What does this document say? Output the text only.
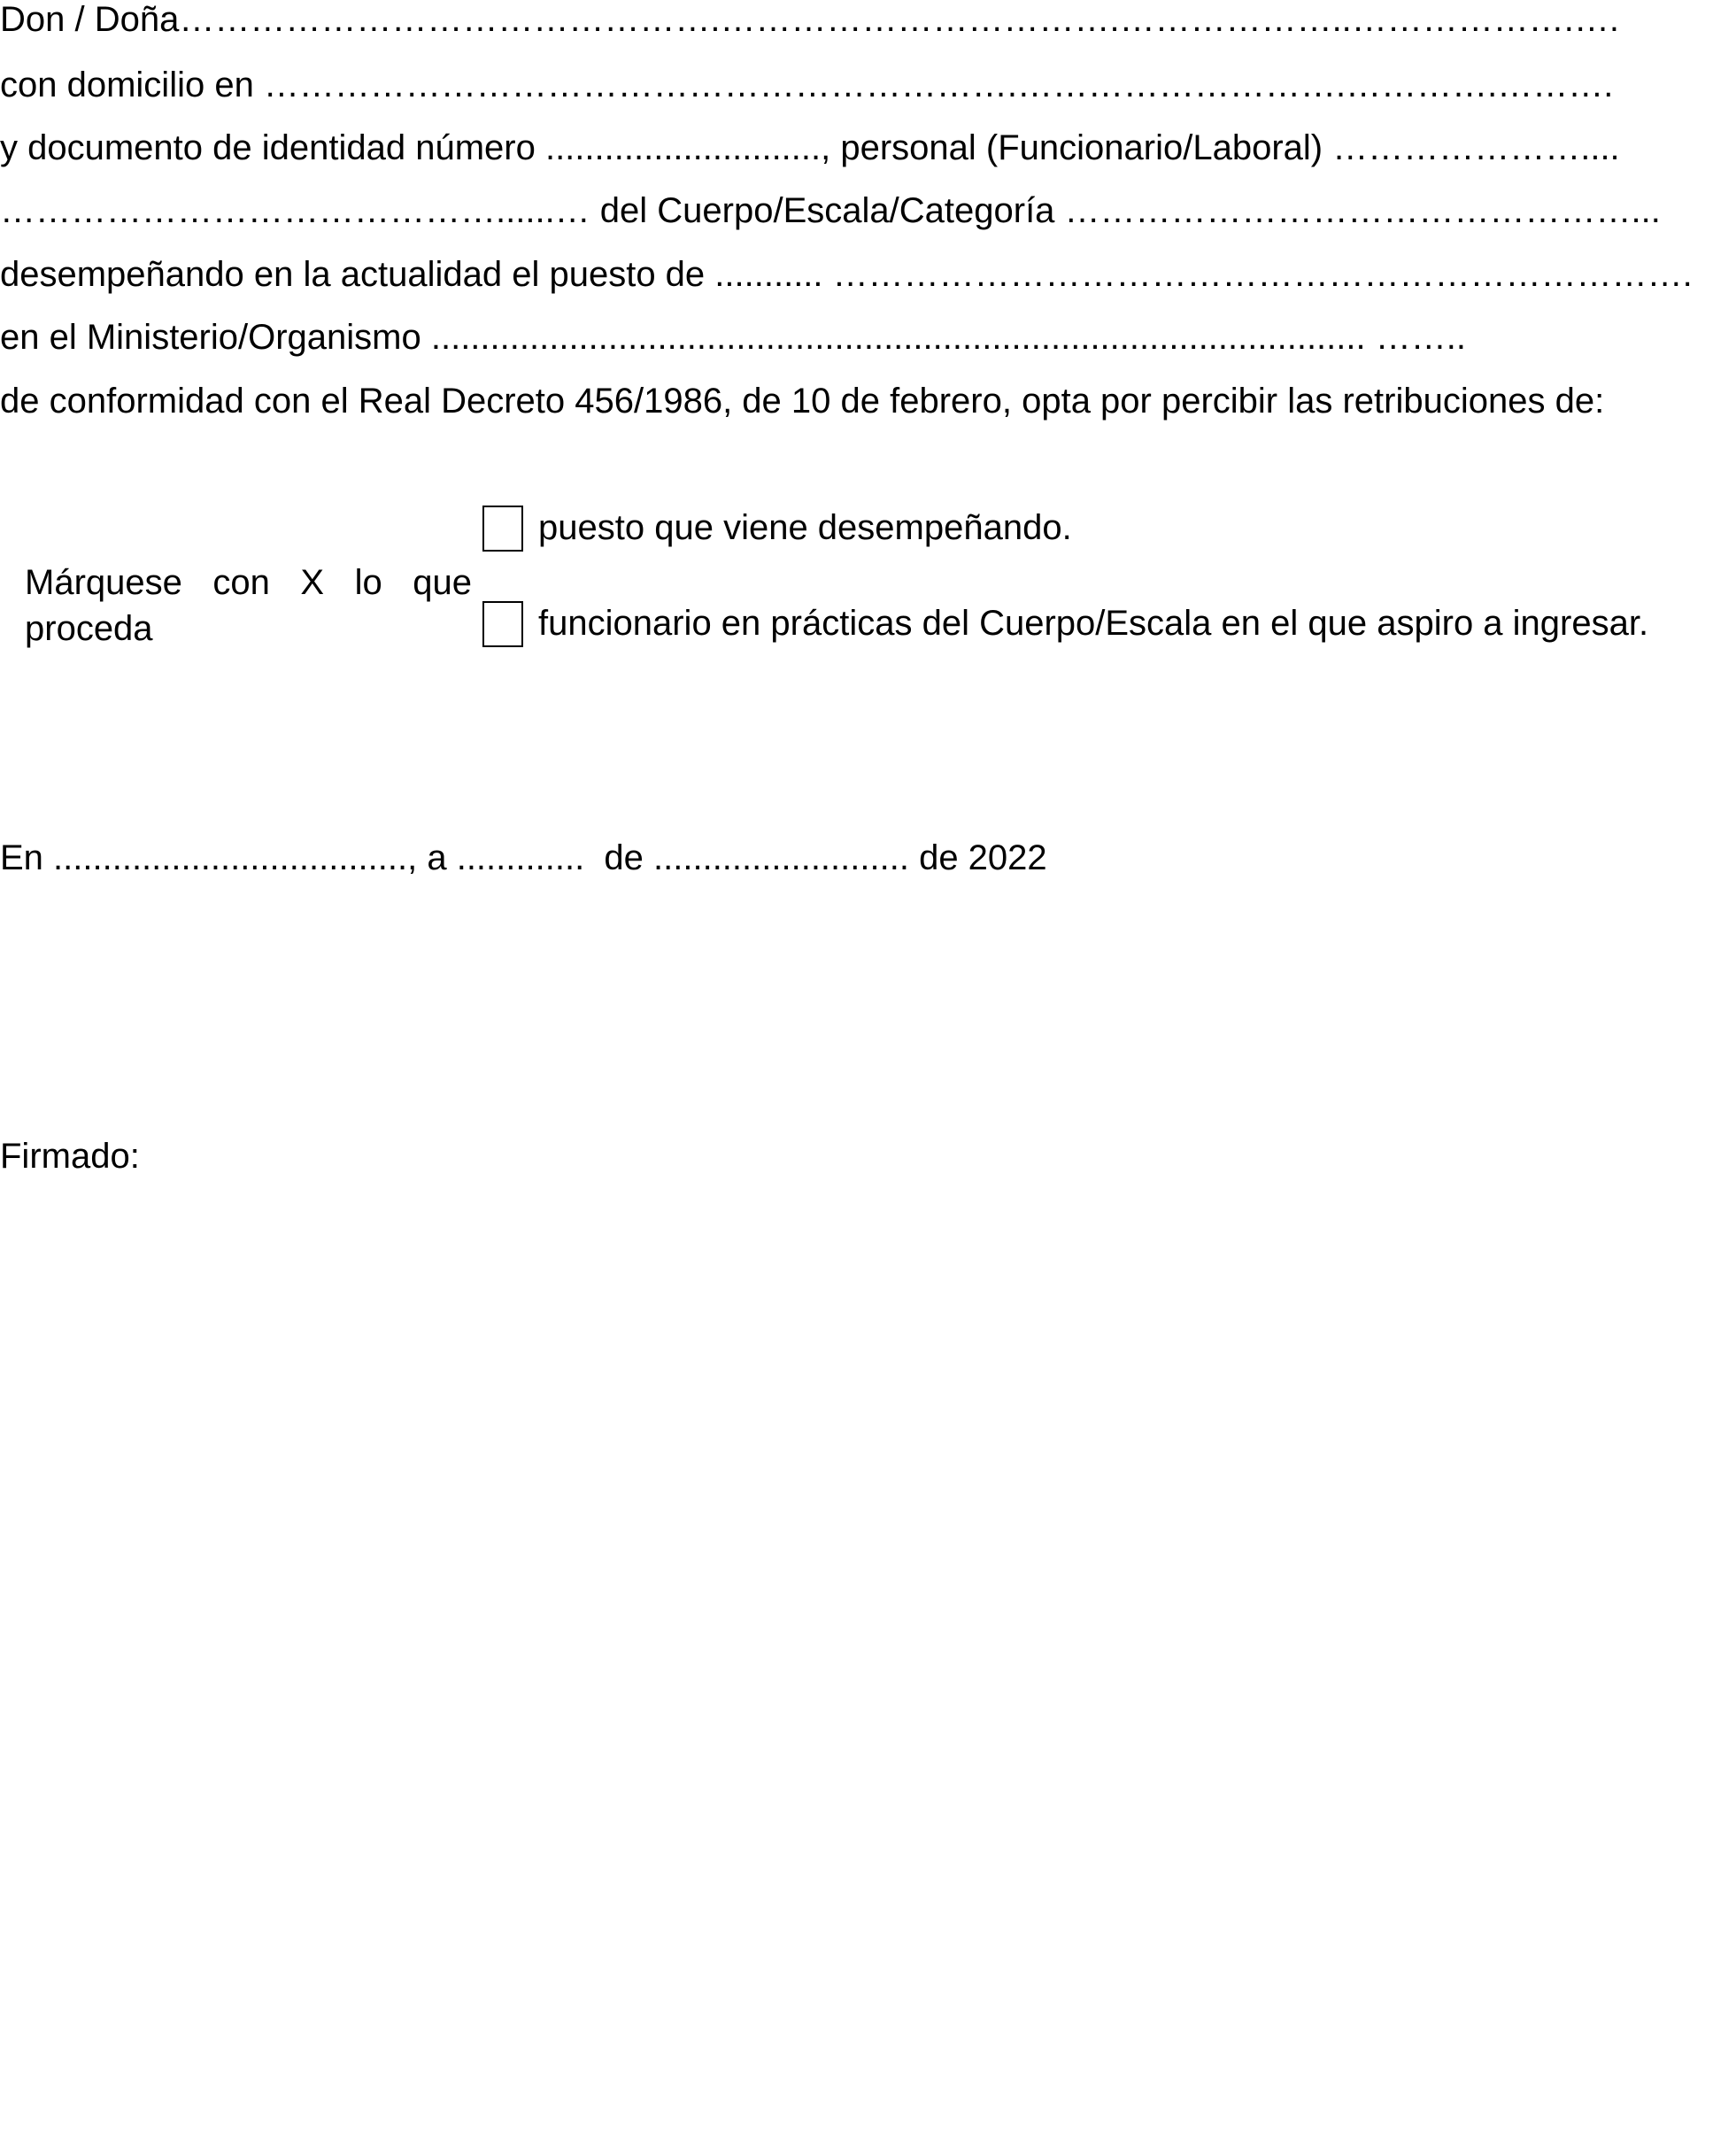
Don / Doña……………………………………….…………………………….………………..……………….….
con domicilio en ……………………………………………………….……………………….………….……….
y documento de identidad número ............................, personal (Funcionario/Laboral) …………………....
……………………………………......… del Cuerpo/Escala/Categoría …………………………………………...
desempeñando en la actualidad el puesto de ........... ……………………………………………………………….
en el Ministerio/Organismo ............................................................................................... ……..
de conformidad con el Real Decreto 456/1986, de 10 de febrero, opta por percibir las retribuciones de:
Márquese con X lo que proceda
puesto que viene desempeñando.
funcionario en prácticas del Cuerpo/Escala en el que aspiro a ingresar.
En ...................................., a .............  de .......................... de 2022
Firmado:
